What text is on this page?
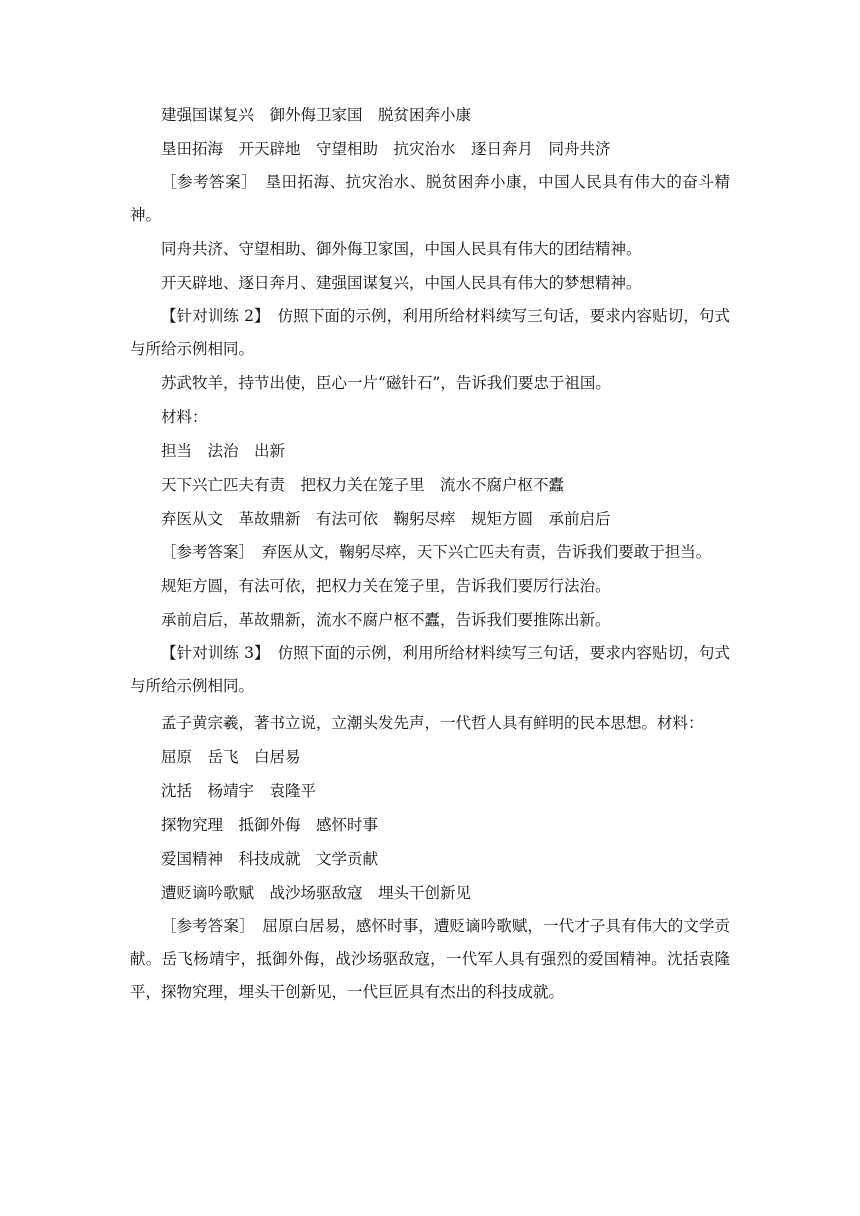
建强国谋复兴　御外侮卫家国　脱贫困奔小康

垦田拓海　开天辟地　守望相助　抗灾治水　逐日奔月　同舟共济

［参考答案］　垦田拓海、抗灾治水、脱贫困奔小康，中国人民具有伟大的奋斗精神。

同舟共济、守望相助、御外侮卫家国，中国人民具有伟大的团结精神。

开天辟地、逐日奔月、建强国谋复兴，中国人民具有伟大的梦想精神。

【针对训练 2】　仿照下面的示例，利用所给材料续写三句话，要求内容贴切，句式与所给示例相同。

苏武牧羊，持节出使，臣心一片“磁针石”，告诉我们要忠于祖国。

材料：

担当　法治　出新

天下兴亡匹夫有责　把权力关在笼子里　流水不腐户枢不蠹

弃医从文　革故鼎新　有法可依　鞠躬尽瘁　规矩方圆　承前启后

［参考答案］　弃医从文，鞠躬尽瘁，天下兴亡匹夫有责，告诉我们要敢于担当。

规矩方圆，有法可依，把权力关在笼子里，告诉我们要厉行法治。

承前启后，革故鼎新，流水不腐户枢不蠹，告诉我们要推陈出新。

【针对训练 3】　仿照下面的示例，利用所给材料续写三句话，要求内容贴切，句式与所给示例相同。

孟子黄宗羲，著书立说，立潮头发先声，一代哲人具有鲜明的民本思想。材料：

屈原　岳飞　白居易

沈括　杨靖宇　袁隆平

探物究理　抵御外侮　感怀时事

爱国精神　科技成就　文学贡献

遭贬谪吟歌赋　战沙场驱敌寇　埋头干创新见

［参考答案］　屈原白居易，感怀时事，遭贬谪吟歌赋，一代才子具有伟大的文学贡献。岳飞杨靖宇，抵御外侮，战沙场驱敌寇，一代军人具有强烈的爱国精神。沈括袁隆平，探物究理，埋头干创新见，一代巨匠具有杰出的科技成就。
